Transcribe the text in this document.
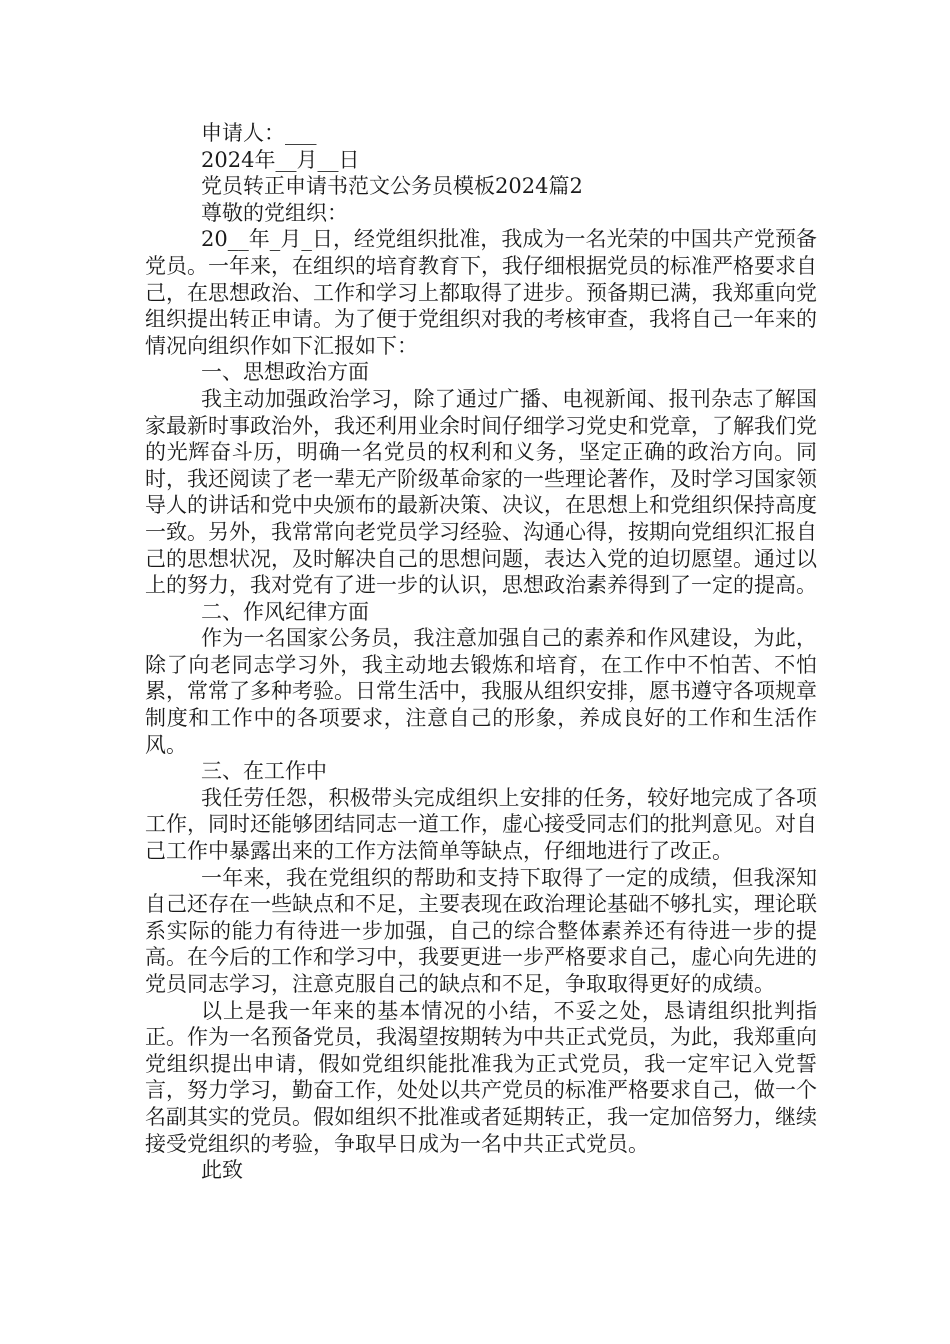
申请人：___

2024年__月__日

党员转正申请书范文公务员模板2024篇2

尊敬的党组织：

20__年_月_日，经党组织批准，我成为一名光荣的中国共产党预备党员。一年来，在组织的培育教育下，我仔细根据党员的标准严格要求自己，在思想政治、工作和学习上都取得了进步。预备期已满，我郑重向党组织提出转正申请。为了便于党组织对我的考核审查，我将自己一年来的情况向组织作如下汇报如下：

一、思想政治方面

我主动加强政治学习，除了通过广播、电视新闻、报刊杂志了解国家最新时事政治外，我还利用业余时间仔细学习党史和党章，了解我们党的光辉奋斗历，明确一名党员的权利和义务，坚定正确的政治方向。同时，我还阅读了老一辈无产阶级革命家的一些理论著作，及时学习国家领导人的讲话和党中央颁布的最新决策、决议，在思想上和党组织保持高度一致。另外，我常常向老党员学习经验、沟通心得，按期向党组织汇报自己的思想状况，及时解决自己的思想问题，表达入党的迫切愿望。通过以上的努力，我对党有了进一步的认识，思想政治素养得到了一定的提高。

二、作风纪律方面

作为一名国家公务员，我注意加强自己的素养和作风建设，为此，除了向老同志学习外，我主动地去锻炼和培育，在工作中不怕苦、不怕累，常常了多种考验。日常生活中，我服从组织安排，愿书遵守各项规章制度和工作中的各项要求，注意自己的形象，养成良好的工作和生活作风。

三、在工作中

我任劳任怨，积极带头完成组织上安排的任务，较好地完成了各项工作，同时还能够团结同志一道工作，虚心接受同志们的批判意见。对自己工作中暴露出来的工作方法简单等缺点，仔细地进行了改正。

一年来，我在党组织的帮助和支持下取得了一定的成绩，但我深知自己还存在一些缺点和不足，主要表现在政治理论基础不够扎实，理论联系实际的能力有待进一步加强，自己的综合整体素养还有待进一步的提高。在今后的工作和学习中，我要更进一步严格要求自己，虚心向先进的党员同志学习，注意克服自己的缺点和不足，争取取得更好的成绩。

以上是我一年来的基本情况的小结，不妥之处，恳请组织批判指正。作为一名预备党员，我渴望按期转为中共正式党员，为此，我郑重向党组织提出申请，假如党组织能批准我为正式党员，我一定牢记入党誓言，努力学习，勤奋工作，处处以共产党员的标准严格要求自己，做一个名副其实的党员。假如组织不批准或者延期转正，我一定加倍努力，继续接受党组织的考验，争取早日成为一名中共正式党员。

此致
